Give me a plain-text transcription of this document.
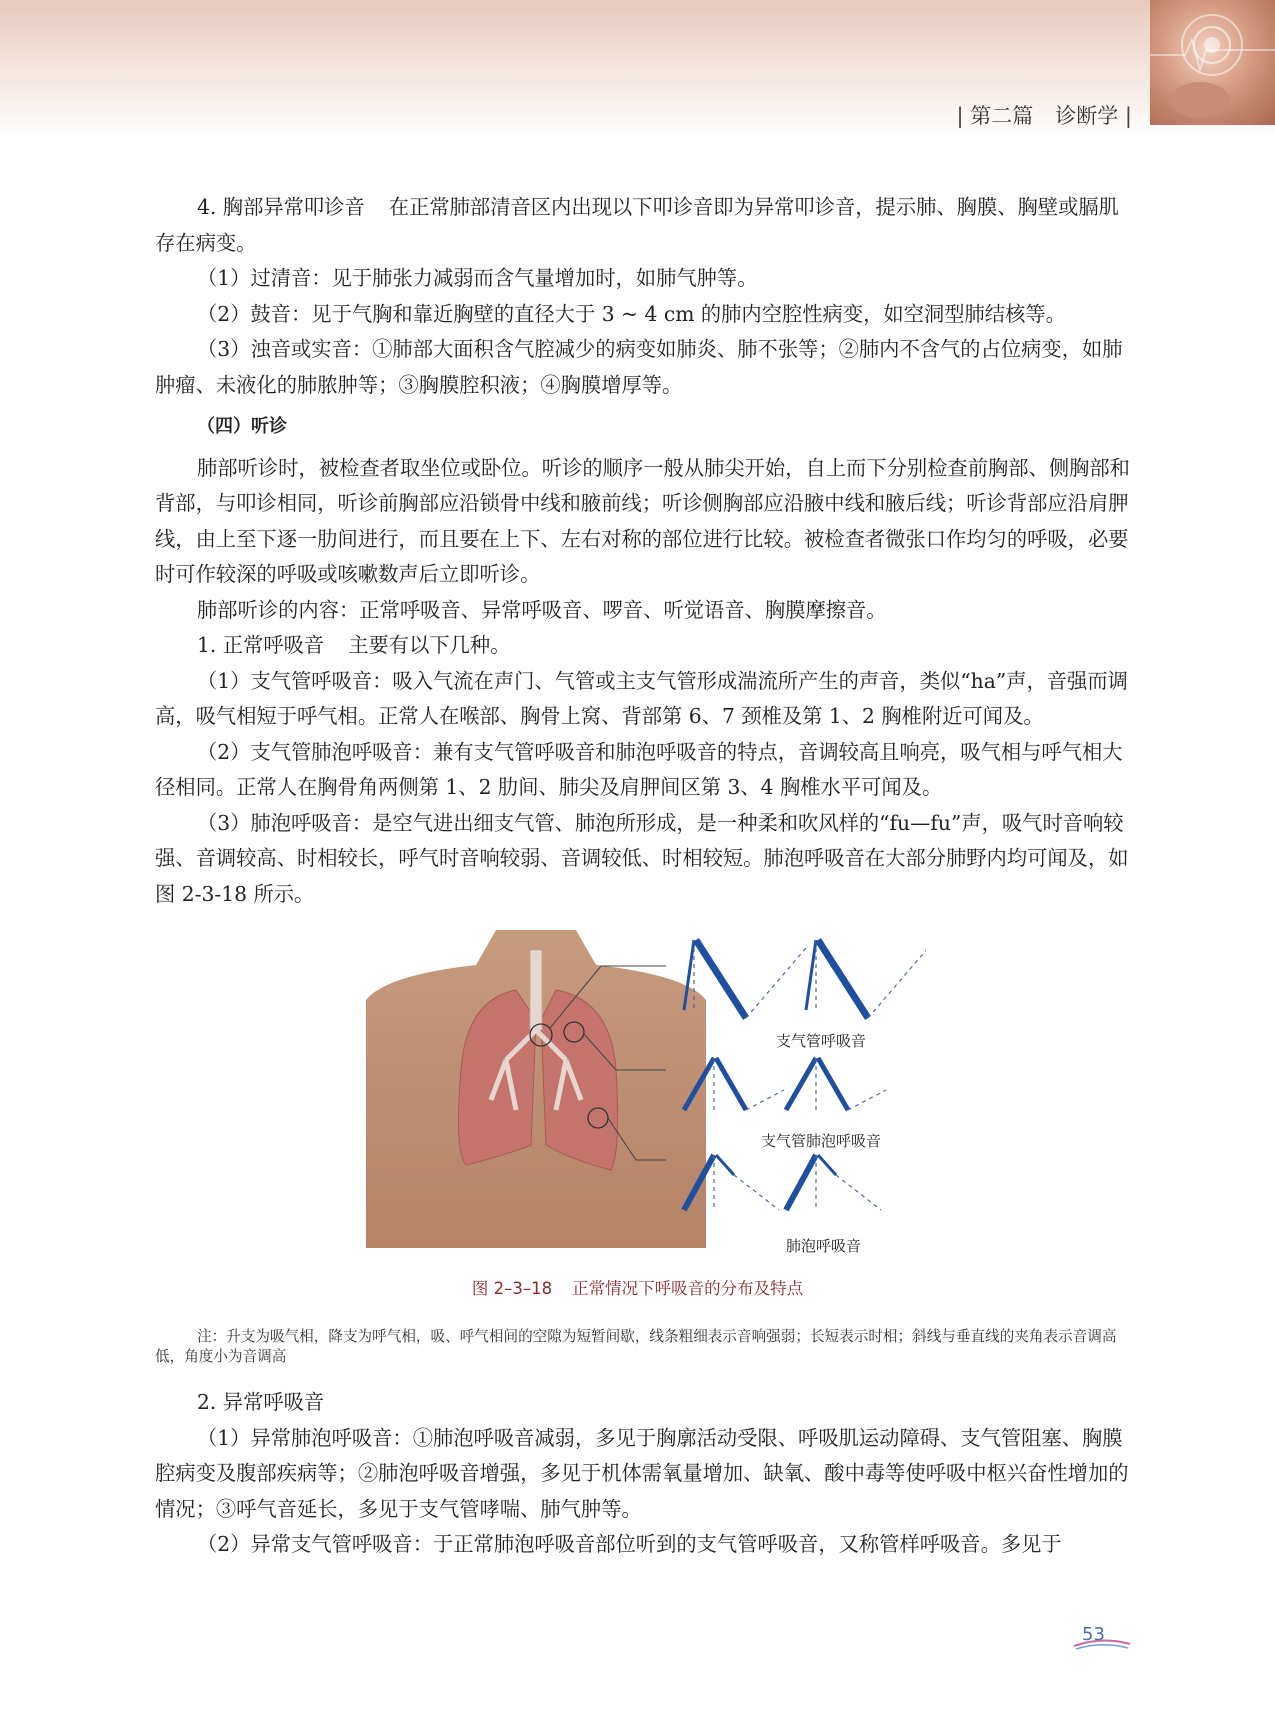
| 第二篇 诊断学 |

4. 胸部异常叩诊音 在正常肺部清音区内出现以下叩诊音即为异常叩诊音，提示肺、胸膜、胸壁或膈肌存在病变。

（1）过清音：见于肺张力减弱而含气量增加时，如肺气肿等。

（2）鼓音：见于气胸和靠近胸壁的直径大于 3 ~ 4 cm 的肺内空腔性病变，如空洞型肺结核等。

（3）浊音或实音：①肺部大面积含气腔减少的病变如肺炎、肺不张等；②肺内不含气的占位病变，如肺肿瘤、未液化的肺脓肿等；③胸膜腔积液；④胸膜增厚等。

（四）听诊

肺部听诊时，被检查者取坐位或卧位。听诊的顺序一般从肺尖开始，自上而下分别检查前胸部、侧胸部和背部，与叩诊相同，听诊前胸部应沿锁骨中线和腋前线；听诊侧胸部应沿腋中线和腋后线；听诊背部应沿肩胛线，由上至下逐一肋间进行，而且要在上下、左右对称的部位进行比较。被检查者微张口作均匀的呼吸，必要时可作较深的呼吸或咳嗽数声后立即听诊。

肺部听诊的内容：正常呼吸音、异常呼吸音、啰音、听觉语音、胸膜摩擦音。

1. 正常呼吸音 主要有以下几种。

（1）支气管呼吸音：吸入气流在声门、气管或主支气管形成湍流所产生的声音，类似“ha”声，音强而调高，吸气相短于呼气相。正常人在喉部、胸骨上窝、背部第 6、7 颈椎及第 1、2 胸椎附近可闻及。

（2）支气管肺泡呼吸音：兼有支气管呼吸音和肺泡呼吸音的特点，音调较高且响亮，吸气相与呼气相大径相同。正常人在胸骨角两侧第 1、2 肋间、肺尖及肩胛间区第 3、4 胸椎水平可闻及。

（3）肺泡呼吸音：是空气进出细支气管、肺泡所形成，是一种柔和吹风样的“fu—fu”声，吸气时音响较强、音调较高、时相较长，呼气时音响较弱、音调较低、时相较短。肺泡呼吸音在大部分肺野内均可闻及，如图 2-3-18 所示。

支气管呼吸音
支气管肺泡呼吸音
肺泡呼吸音
图 2–3–18 正常情况下呼吸音的分布及特点
注：升支为吸气相，降支为呼气相，吸、呼气相间的空隙为短暂间歇，线条粗细表示音响强弱；长短表示时相；斜线与垂直线的夹角表示音调高低，角度小为音调高

2. 异常呼吸音

（1）异常肺泡呼吸音：①肺泡呼吸音减弱，多见于胸廓活动受限、呼吸肌运动障碍、支气管阻塞、胸膜腔病变及腹部疾病等；②肺泡呼吸音增强，多见于机体需氧量增加、缺氧、酸中毒等使呼吸中枢兴奋性增加的情况；③呼气音延长，多见于支气管哮喘、肺气肿等。

（2）异常支气管呼吸音：于正常肺泡呼吸音部位听到的支气管呼吸音，又称管样呼吸音。多见于

53
